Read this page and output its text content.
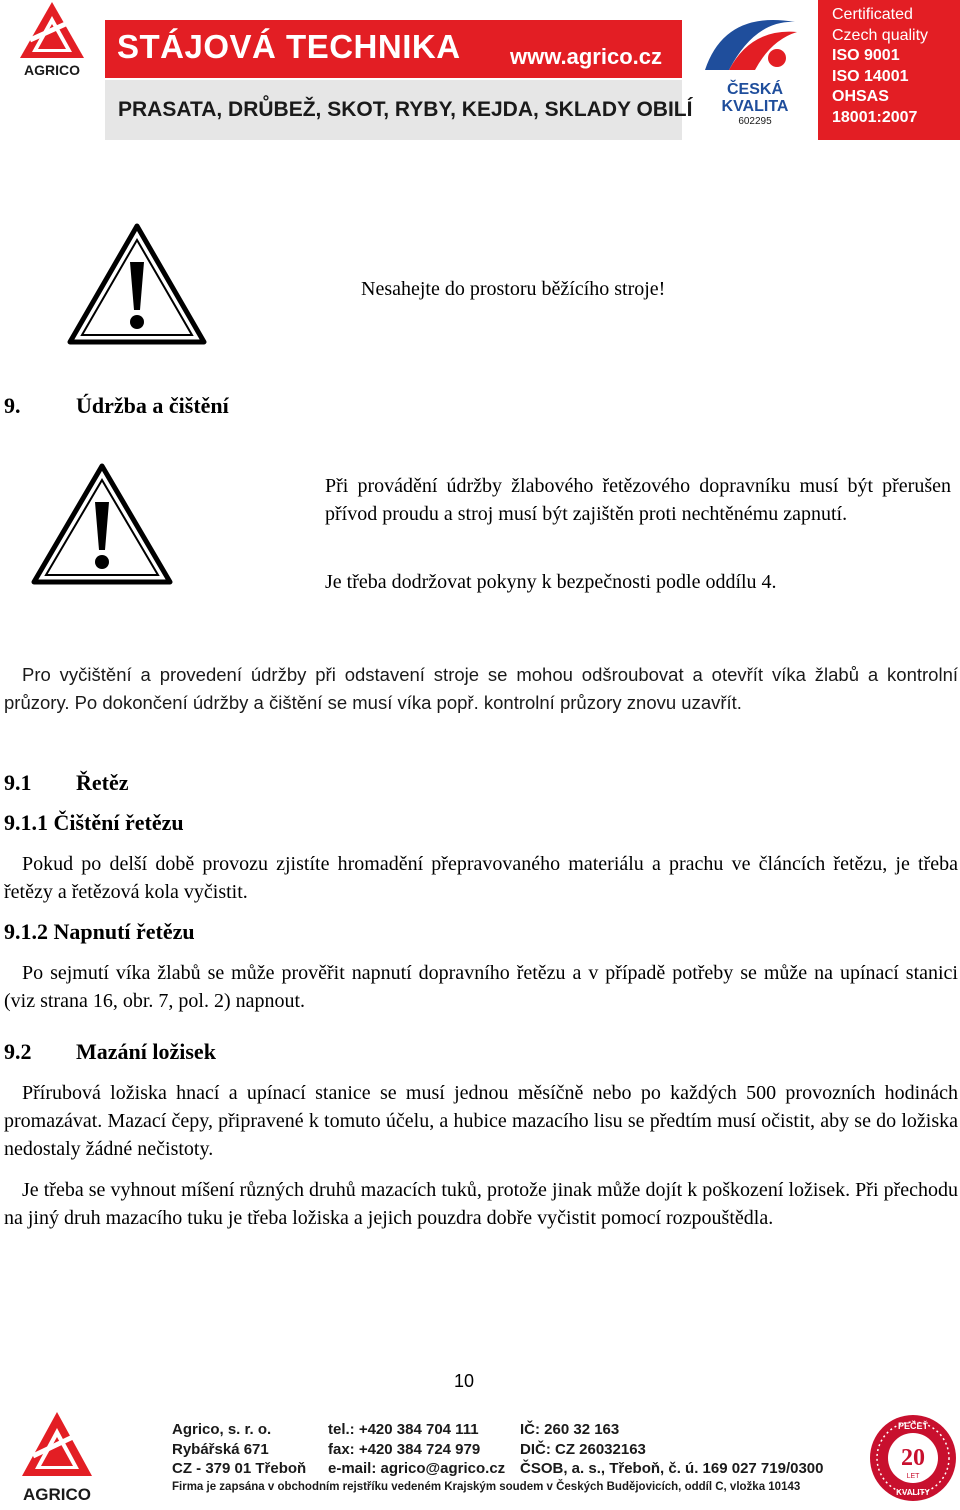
AGRICO
STÁJOVÁ TECHNIKA www.agrico.cz
PRASATA, DRŮBEŽ, SKOT, RYBY, KEJDA, SKLADY OBILÍ
ČESKÁ
KVALITA
602295
Certificated
Czech quality
ISO 9001
ISO 14001
OHSAS
18001:2007
Nesahejte do prostoru běžícího stroje!
9.	Údržba a čištění
Při provádění údržby žlabového řetězového dopravníku musí být přerušen přívod proudu a stroj musí být zajištěn proti nechtěnému zapnutí.
Je třeba dodržovat pokyny k bezpečnosti podle oddílu 4.
Pro vyčištění a provedení údržby při odstavení stroje se mohou odšroubovat a otevřít víka žlabů a kontrolní průzory. Po dokončení údržby a čištění se musí víka popř. kontrolní průzory znovu uzavřít.
9.1 Řetěz
9.1.1 Čištění řetězu
Pokud po delší době provozu zjistíte hromadění přepravovaného materiálu a prachu ve článcích řetězu, je třeba řetězy a řetězová kola vyčistit.
9.1.2 Napnutí řetězu
Po sejmutí víka žlabů se může prověřit napnutí dopravního řetězu a v případě potřeby se může na upínací stanici (viz strana 16, obr. 7, pol. 2) napnout.
9.2 Mazání ložisek
Přírubová ložiska hnací a upínací stanice se musí jednou měsíčně nebo po každých 500 provozních hodinách promazávat. Mazací čepy, připravené k tomuto účelu, a hubice mazacího lisu se předtím musí očistit, aby se do ložiska nedostaly žádné nečistoty.
Je třeba se vyhnout míšení různých druhů mazacích tuků, protože jinak může dojít k poškození ložisek. Při přechodu na jiný druh mazacího tuku je třeba ložiska a jejich pouzdra dobře vyčistit pomocí rozpouštědla.
10
AGRICO
Agrico, s. r. o.
Rybářská 671
CZ - 379 01 Třeboň
tel.: +420 384 704 111
fax: +420 384 724 979
e-mail: agrico@agrico.cz
IČ: 260 32 163
DIČ: CZ 26032163
ČSOB, a. s., Třeboň, č. ú. 169 027 719/0300
Firma je zapsána v obchodním rejstříku vedeném Krajským soudem v Českých Budějovicích, oddíl C, vložka 10143
20
LET
PEČEŤ
KVALITY
